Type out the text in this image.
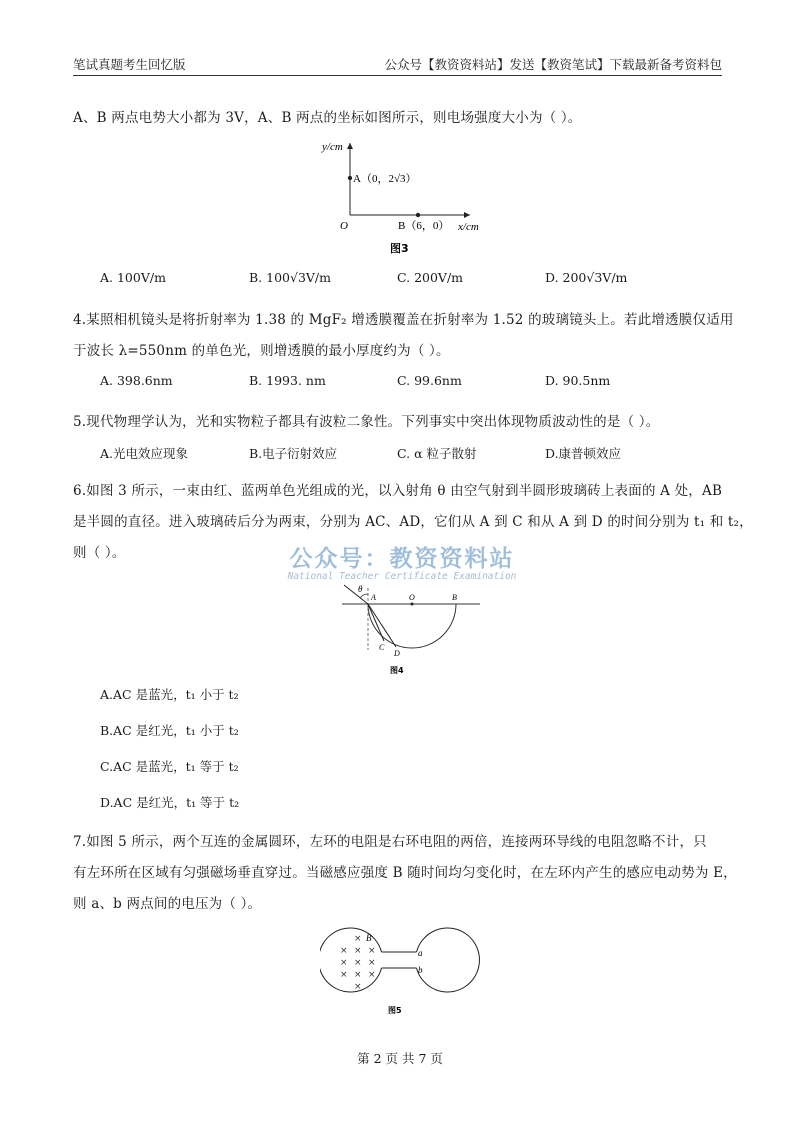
笔试真题考生回忆版	公众号【教资资料站】发送【教资笔试】下载最新备考资料包
A、B 两点电势大小都为 3V，A、B 两点的坐标如图所示，则电场强度大小为（ ）。
y/cm
x/cm
O
A（0，2√3）
B（6，0）
图3
A. 100V/m	B. 100√3V/m	C. 200V/m	D. 200√3V/m
4.某照相机镜头是将折射率为 1.38 的 MgF₂ 增透膜覆盖在折射率为 1.52 的玻璃镜头上。若此增透膜仅适用
于波长 λ=550nm 的单色光，则增透膜的最小厚度约为（ ）。
A. 398.6nm	B. 1993. nm	C. 99.6nm	D. 90.5nm
5.现代物理学认为，光和实物粒子都具有波粒二象性。下列事实中突出体现物质波动性的是（ ）。
A.光电效应现象	B.电子衍射效应	C. α 粒子散射	D.康普顿效应
6.如图 3 所示，一束由红、蓝两单色光组成的光，以入射角 θ 由空气射到半圆形玻璃砖上表面的 A 处，AB
是半圆的直径。进入玻璃砖后分为两束，分别为 AC、AD，它们从 A 到 C 和从 A 到 D 的时间分别为 t₁ 和 t₂，
则（ ）。
θ
A	O	B
C
D
图4
公众号：教资资料站
National Teacher Certificate Examination
A.AC 是蓝光，t₁ 小于 t₂
B.AC 是红光，t₁ 小于 t₂
C.AC 是蓝光，t₁ 等于 t₂
D.AC 是红光，t₁ 等于 t₂
7.如图 5 所示，两个互连的金属圆环，左环的电阻是右环电阻的两倍，连接两环导线的电阻忽略不计，只
有左环所在区域有匀强磁场垂直穿过。当磁感应强度 B 随时间均匀变化时，在左环内产生的感应电动势为 E，
则 a、b 两点间的电压为（ ）。
×
× × ×
× × ×
× × ×
×
B
a
b
图5
第 2 页 共 7 页
